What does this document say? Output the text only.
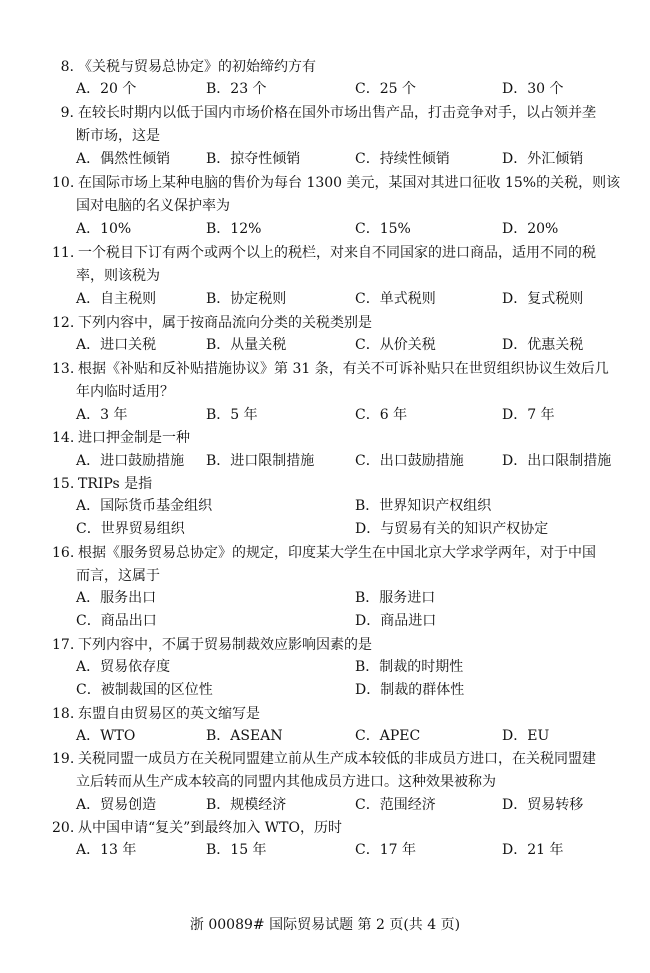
8. 《关税与贸易总协定》的初始缔约方有
A．20 个	B．23 个	C．25 个	D．30 个
9. 在较长时期内以低于国内市场价格在国外市场出售产品，打击竞争对手，以占领并垄
断市场，这是
A．偶然性倾销	B．掠夺性倾销	C．持续性倾销	D．外汇倾销
10. 在国际市场上某种电脑的售价为每台 1300 美元，某国对其进口征收 15%的关税，则该
国对电脑的名义保护率为
A．10%	B．12%	C．15%	D．20%
11. 一个税目下订有两个或两个以上的税栏，对来自不同国家的进口商品，适用不同的税
率，则该税为
A．自主税则	B．协定税则	C．单式税则	D．复式税则
12. 下列内容中，属于按商品流向分类的关税类别是
A．进口关税	B．从量关税	C．从价关税	D．优惠关税
13. 根据《补贴和反补贴措施协议》第 31 条，有关不可诉补贴只在世贸组织协议生效后几
年内临时适用？
A．3 年	B．5 年	C．6 年	D．7 年
14. 进口押金制是一种
A．进口鼓励措施 B．进口限制措施	C．出口鼓励措施	D．出口限制措施
15. TRIPs 是指
A．国际货币基金组织	B．世界知识产权组织
C．世界贸易组织	D．与贸易有关的知识产权协定
16. 根据《服务贸易总协定》的规定，印度某大学生在中国北京大学求学两年，对于中国
而言，这属于
A．服务出口	B．服务进口
C．商品出口	D．商品进口
17. 下列内容中，不属于贸易制裁效应影响因素的是
A．贸易依存度	B．制裁的时期性
C．被制裁国的区位性	D．制裁的群体性
18. 东盟自由贸易区的英文缩写是
A．WTO	B．ASEAN	C．APEC	D．EU
19. 关税同盟一成员方在关税同盟建立前从生产成本较低的非成员方进口，在关税同盟建
立后转而从生产成本较高的同盟内其他成员方进口。这种效果被称为
A．贸易创造	B．规模经济	C．范围经济	D．贸易转移
20. 从中国申请“复关”到最终加入 WTO，历时
A．13 年	B．15 年	C．17 年	D．21 年
浙 00089# 国际贸易试题 第 2 页(共 4 页)
